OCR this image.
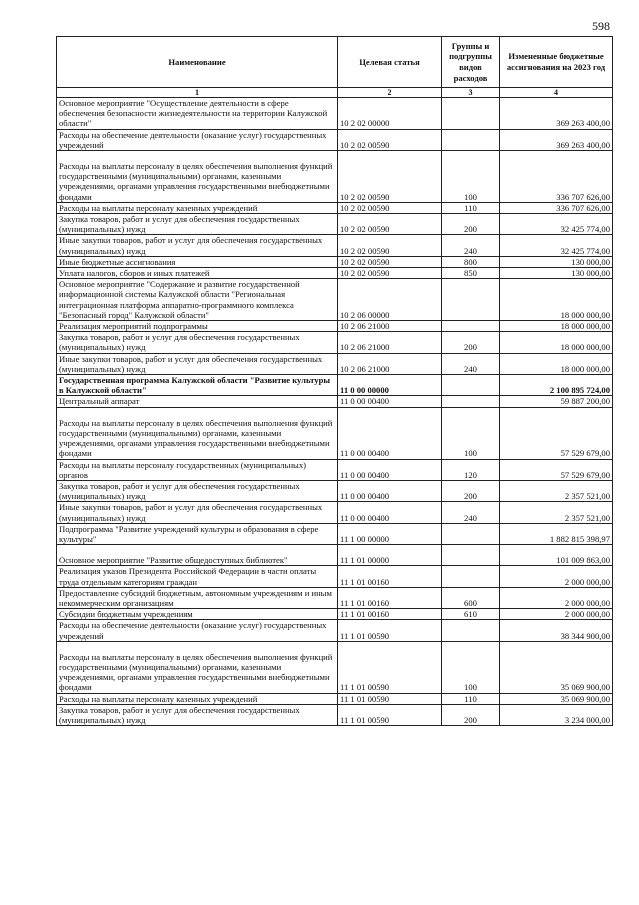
598
Наименование	Целевая статья	Группы и подгруппы видов расходов	Измененные бюджетные ассигнования на 2023 год
1	2	3	4
Основное мероприятие "Осуществление деятельности в сфере обеспечения безопасности жизнедеятельности на территории Калужской области"	10 2 02 00000		369 263 400,00
Расходы на обеспечение деятельности (оказание услуг) государственных учреждений	10 2 02 00590		369 263 400,00
Расходы на выплаты персоналу в целях обеспечения выполнения функций государственными (муниципальными) органами, казенными учреждениями, органами управления государственными внебюджетными фондами	10 2 02 00590	100	336 707 626,00
Расходы на выплаты персоналу казенных учреждений	10 2 02 00590	110	336 707 626,00
Закупка товаров, работ и услуг для обеспечения государственных (муниципальных) нужд	10 2 02 00590	200	32 425 774,00
Иные закупки товаров, работ и услуг для обеспечения государственных (муниципальных) нужд	10 2 02 00590	240	32 425 774,00
Иные бюджетные ассигнования	10 2 02 00590	800	130 000,00
Уплата налогов, сборов и иных платежей	10 2 02 00590	850	130 000,00
Основное мероприятие "Содержание и развитие государственной информационной системы Калужской области "Региональная интеграционная платформа аппаратно-программного комплекса "Безопасный город" Калужской области"	10 2 06 00000		18 000 000,00
Реализация мероприятий подпрограммы	10 2 06 21000		18 000 000,00
Закупка товаров, работ и услуг для обеспечения государственных (муниципальных) нужд	10 2 06 21000	200	18 000 000,00
Иные закупки товаров, работ и услуг для обеспечения государственных (муниципальных) нужд	10 2 06 21000	240	18 000 000,00
Государственная программа Калужской области "Развитие культуры в Калужской области"	11 0 00 00000		2 100 895 724,00
Центральный аппарат	11 0 00 00400		59 887 200,00
Расходы на выплаты персоналу в целях обеспечения выполнения функций государственными (муниципальными) органами, казенными учреждениями, органами управления государственными внебюджетными фондами	11 0 00 00400	100	57 529 679,00
Расходы на выплаты персоналу государственных (муниципальных) органов	11 0 00 00400	120	57 529 679,00
Закупка товаров, работ и услуг для обеспечения государственных (муниципальных) нужд	11 0 00 00400	200	2 357 521,00
Иные закупки товаров, работ и услуг для обеспечения государственных (муниципальных) нужд	11 0 00 00400	240	2 357 521,00
Подпрограмма "Развитие учреждений культуры и образования в сфере культуры"	11 1 00 00000		1 882 815 398,97
Основное мероприятие "Развитие общедоступных библиотек"	11 1 01 00000		101 009 863,00
Реализация указов Президента Российской Федерации в части оплаты труда отдельным категориям граждан	11 1 01 00160		2 000 000,00
Предоставление субсидий бюджетным, автономным учреждениям и иным некоммерческим организациям	11 1 01 00160	600	2 000 000,00
Субсидии бюджетным учреждениям	11 1 01 00160	610	2 000 000,00
Расходы на обеспечение деятельности (оказание услуг) государственных учреждений	11 1 01 00590		38 344 900,00
Расходы на выплаты персоналу в целях обеспечения выполнения функций государственными (муниципальными) органами, казенными учреждениями, органами управления государственными внебюджетными фондами	11 1 01 00590	100	35 069 900,00
Расходы на выплаты персоналу казенных учреждений	11 1 01 00590	110	35 069 900,00
Закупка товаров, работ и услуг для обеспечения государственных (муниципальных) нужд	11 1 01 00590	200	3 234 000,00
